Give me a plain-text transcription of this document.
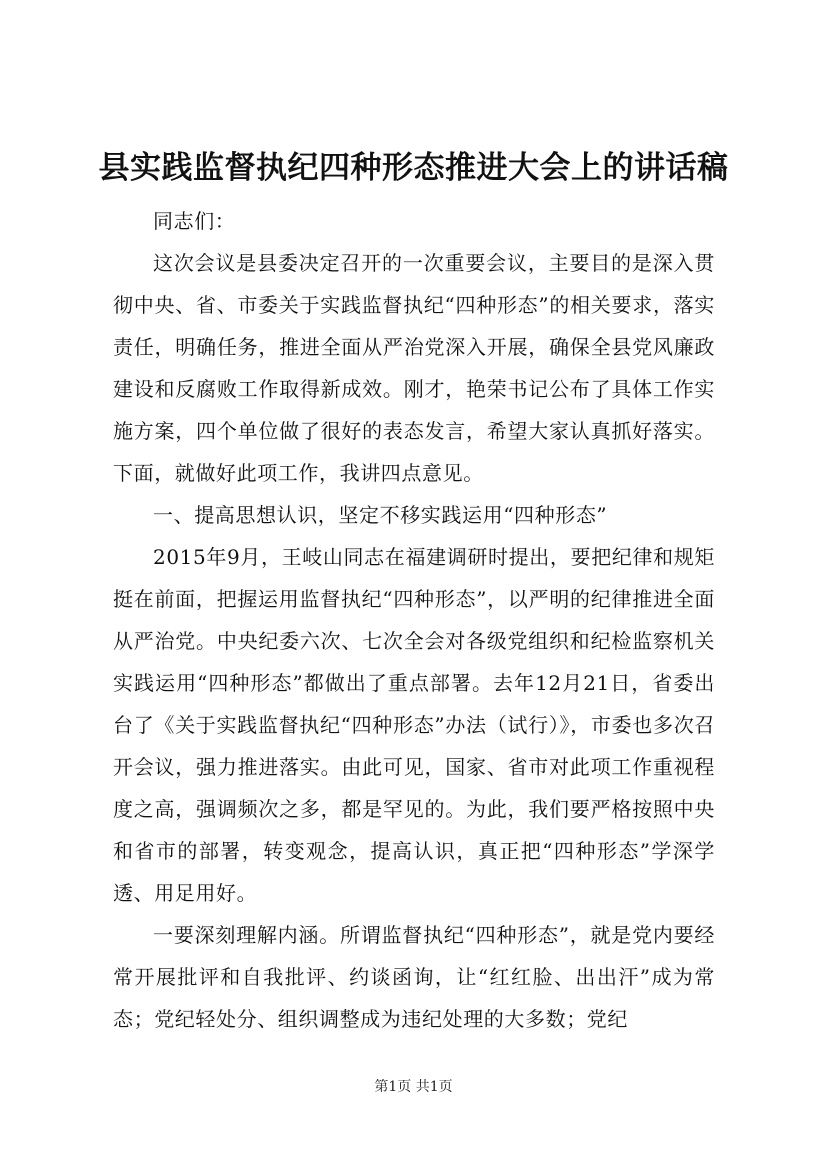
县实践监督执纪四种形态推进大会上的讲话稿

同志们：

这次会议是县委决定召开的一次重要会议，主要目的是深入贯彻中央、省、市委关于实践监督执纪“四种形态”的相关要求，落实责任，明确任务，推进全面从严治党深入开展，确保全县党风廉政建设和反腐败工作取得新成效。刚才，艳荣书记公布了具体工作实施方案，四个单位做了很好的表态发言，希望大家认真抓好落实。下面，就做好此项工作，我讲四点意见。

一、提高思想认识，坚定不移实践运用“四种形态”

2015年9月，王岐山同志在福建调研时提出，要把纪律和规矩挺在前面，把握运用监督执纪“四种形态”，以严明的纪律推进全面从严治党。中央纪委六次、七次全会对各级党组织和纪检监察机关实践运用“四种形态”都做出了重点部署。去年12月21日，省委出台了《关于实践监督执纪“四种形态”办法（试行）》，市委也多次召开会议，强力推进落实。由此可见，国家、省市对此项工作重视程度之高，强调频次之多，都是罕见的。为此，我们要严格按照中央和省市的部署，转变观念，提高认识，真正把“四种形态”学深学透、用足用好。

一要深刻理解内涵。所谓监督执纪“四种形态”，就是党内要经常开展批评和自我批评、约谈函询，让“红红脸、出出汗”成为常态；党纪轻处分、组织调整成为违纪处理的大多数；党纪

第1页 共1页
